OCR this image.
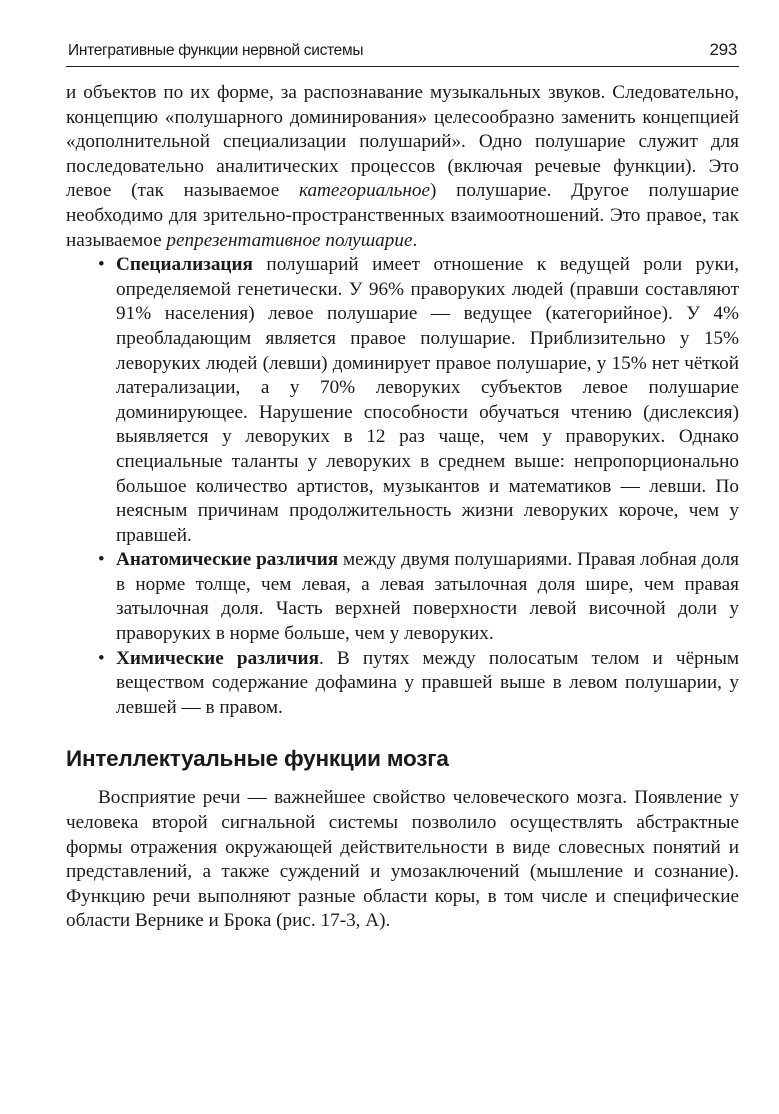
Интегративные функции нервной системы	293

и объектов по их форме, за распознавание музыкальных звуков. Следовательно, концепцию «полушарного доминирования» целесообразно заменить концепцией «дополнительной специализации полушарий». Одно полушарие служит для последовательно аналитических процессов (включая речевые функции). Это левое (так называемое категориальное) полушарие. Другое полушарие необходимо для зрительно-пространственных взаимоотношений. Это правое, так называемое репрезентативное полушарие.

• Специализация полушарий имеет отношение к ведущей роли руки, определяемой генетически. У 96% праворуких людей (правши составляют 91% населения) левое полушарие — ведущее (категорийное). У 4% преобладающим является правое полушарие. Приблизительно у 15% леворуких людей (левши) доминирует правое полушарие, у 15% нет чёткой латерализации, а у 70% леворуких субъектов левое полушарие доминирующее. Нарушение способности обучаться чтению (дислексия) выявляется у леворуких в 12 раз чаще, чем у праворуких. Однако специальные таланты у леворуких в среднем выше: непропорционально большое количество артистов, музыкантов и математиков — левши. По неясным причинам продолжительность жизни леворуких короче, чем у правшей.

• Анатомические различия между двумя полушариями. Правая лобная доля в норме толще, чем левая, а левая затылочная доля шире, чем правая затылочная доля. Часть верхней поверхности левой височной доли у праворуких в норме больше, чем у леворуких.

• Химические различия. В путях между полосатым телом и чёрным веществом содержание дофамина у правшей выше в левом полушарии, у левшей — в правом.

Интеллектуальные функции мозга

Восприятие речи — важнейшее свойство человеческого мозга. Появление у человека второй сигнальной системы позволило осуществлять абстрактные формы отражения окружающей действительности в виде словесных понятий и представлений, а также суждений и умозаключений (мышление и сознание). Функцию речи выполняют разные области коры, в том числе и специфические области Вернике и Брока (рис. 17-3, А).
